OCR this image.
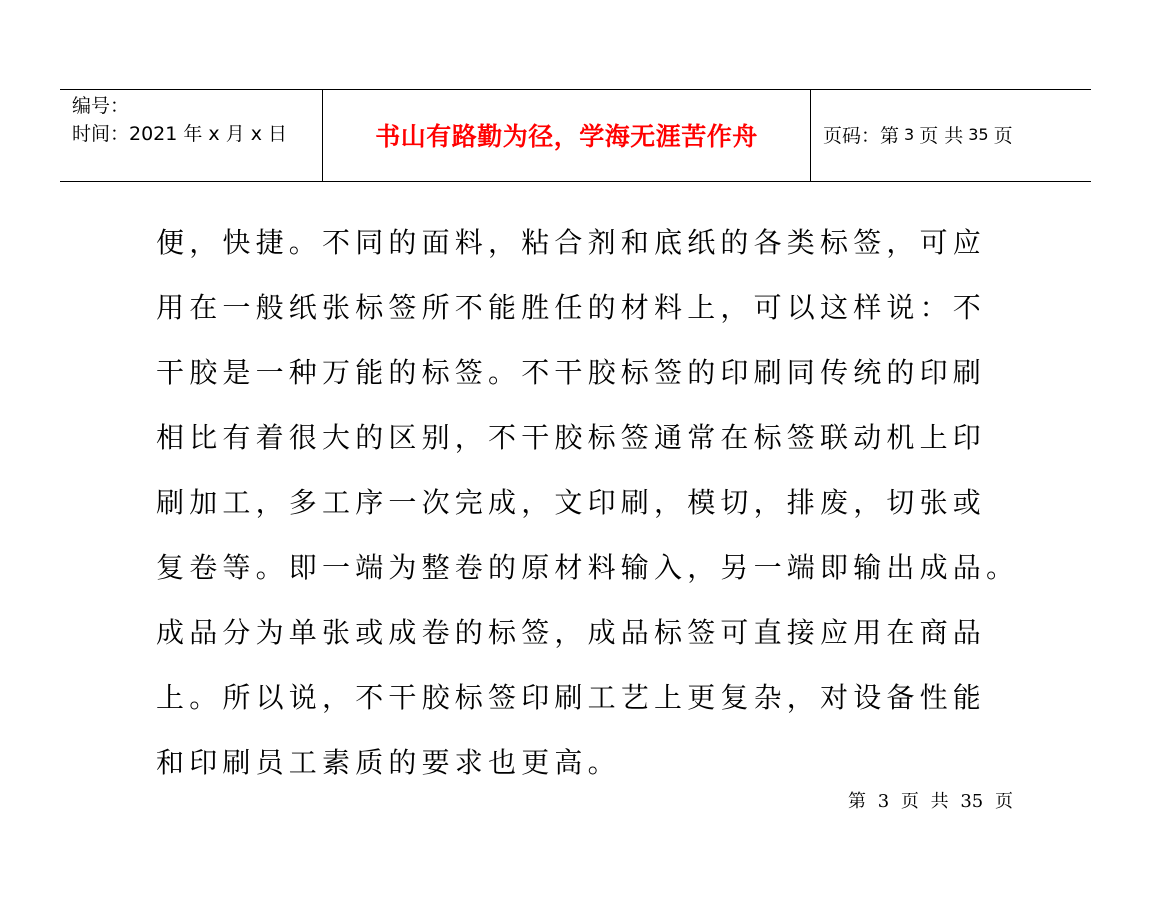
编号：
时间：2021 年 x 月 x 日	书山有路勤为径，学海无涯苦作舟	页码：第 3 页 共 35 页
便，快捷。不同的面料，粘合剂和底纸的各类标签，可应
用在一般纸张标签所不能胜任的材料上，可以这样说：不
干胶是一种万能的标签。不干胶标签的印刷同传统的印刷
相比有着很大的区别，不干胶标签通常在标签联动机上印
刷加工，多工序一次完成，文印刷，模切，排废，切张或
复卷等。即一端为整卷的原材料输入，另一端即输出成品。
成品分为单张或成卷的标签，成品标签可直接应用在商品
上。所以说，不干胶标签印刷工艺上更复杂，对设备性能
和印刷员工素质的要求也更高。
第 3 页 共 35 页
